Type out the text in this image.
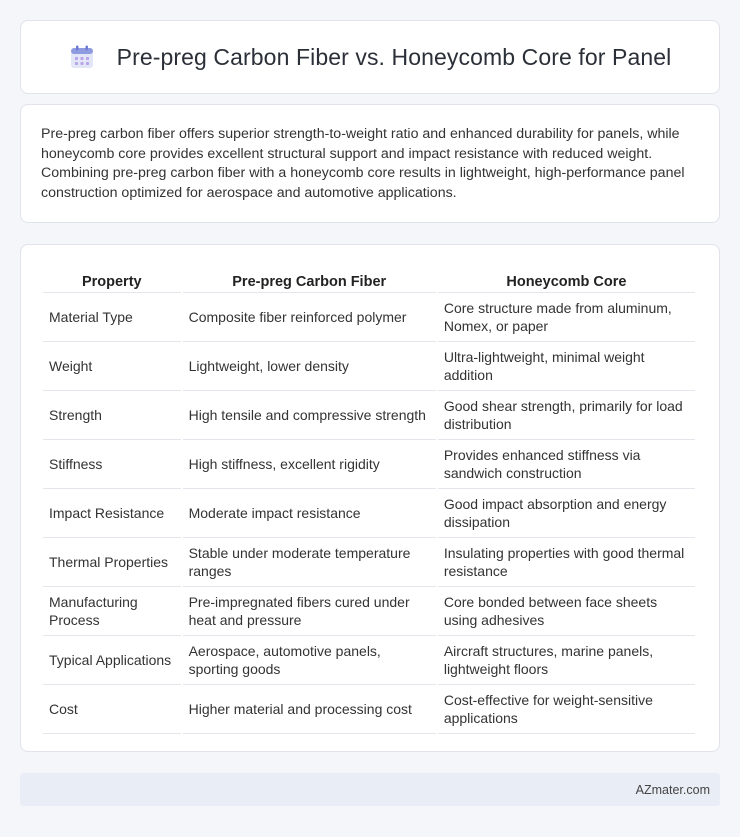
Pre-preg Carbon Fiber vs. Honeycomb Core for Panel

Pre-preg carbon fiber offers superior strength-to-weight ratio and enhanced durability for panels, while honeycomb core provides excellent structural support and impact resistance with reduced weight. Combining pre-preg carbon fiber with a honeycomb core results in lightweight, high-performance panel construction optimized for aerospace and automotive applications.

Property	Pre-preg Carbon Fiber	Honeycomb Core
Material Type	Composite fiber reinforced polymer	Core structure made from aluminum, Nomex, or paper
Weight	Lightweight, lower density	Ultra-lightweight, minimal weight addition
Strength	High tensile and compressive strength	Good shear strength, primarily for load distribution
Stiffness	High stiffness, excellent rigidity	Provides enhanced stiffness via sandwich construction
Impact Resistance	Moderate impact resistance	Good impact absorption and energy dissipation
Thermal Properties	Stable under moderate temperature ranges	Insulating properties with good thermal resistance
Manufacturing Process	Pre-impregnated fibers cured under heat and pressure	Core bonded between face sheets using adhesives
Typical Applications	Aerospace, automotive panels, sporting goods	Aircraft structures, marine panels, lightweight floors
Cost	Higher material and processing cost	Cost-effective for weight-sensitive applications
AZmater.com
